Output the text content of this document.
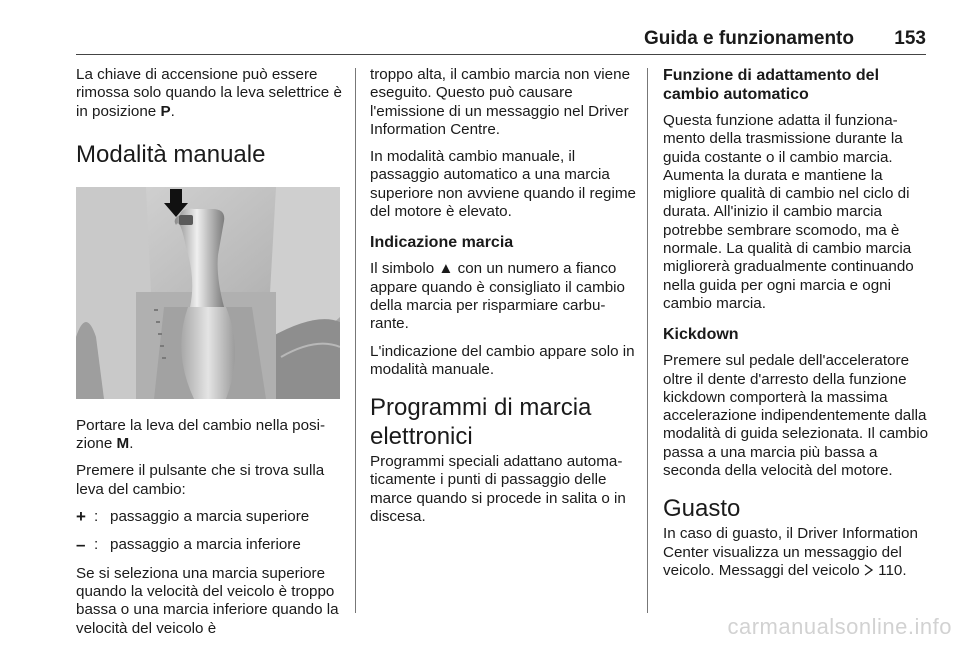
Guida e funzionamento 153

La chiave di accensione può essere rimossa solo quando la leva selettrice è in posizione P.

Modalità manuale

Portare la leva del cambio nella posi-zione M.

Premere il pulsante che si trova sulla leva del cambio:

+ : passaggio a marcia superiore
– : passaggio a marcia inferiore

Se si seleziona una marcia superiore quando la velocità del veicolo è troppo bassa o una marcia inferiore quando la velocità del veicolo è

troppo alta, il cambio marcia non viene eseguito. Questo può causare l'emissione di un messaggio nel Driver Information Centre.

In modalità cambio manuale, il passaggio automatico a una marcia superiore non avviene quando il regime del motore è elevato.

Indicazione marcia

Il simbolo ▲ con un numero a fianco appare quando è consigliato il cambio della marcia per risparmiare carbu-rante.

L'indicazione del cambio appare solo in modalità manuale.

Programmi di marcia elettronici

Programmi speciali adattano automa-ticamente i punti di passaggio delle marce quando si procede in salita o in discesa.

Funzione di adattamento del cambio automatico

Questa funzione adatta il funziona-mento della trasmissione durante la guida costante o il cambio marcia. Aumenta la durata e mantiene la migliore qualità di cambio nel ciclo di durata. All'inizio il cambio marcia potrebbe sembrare scomodo, ma è normale. La qualità di cambio marcia migliorerà gradualmente continuando nella guida per ogni marcia e ogni cambio marcia.

Kickdown

Premere sul pedale dell'acceleratore oltre il dente d'arresto della funzione kickdown comporterà la massima accelerazione indipendentemente dalla modalità di guida selezionata. Il cambio passa a una marcia più bassa a seconda della velocità del motore.

Guasto

In caso di guasto, il Driver Information Center visualizza un messaggio del veicolo. Messaggi del veicolo  110.

carmanualsonline.info
